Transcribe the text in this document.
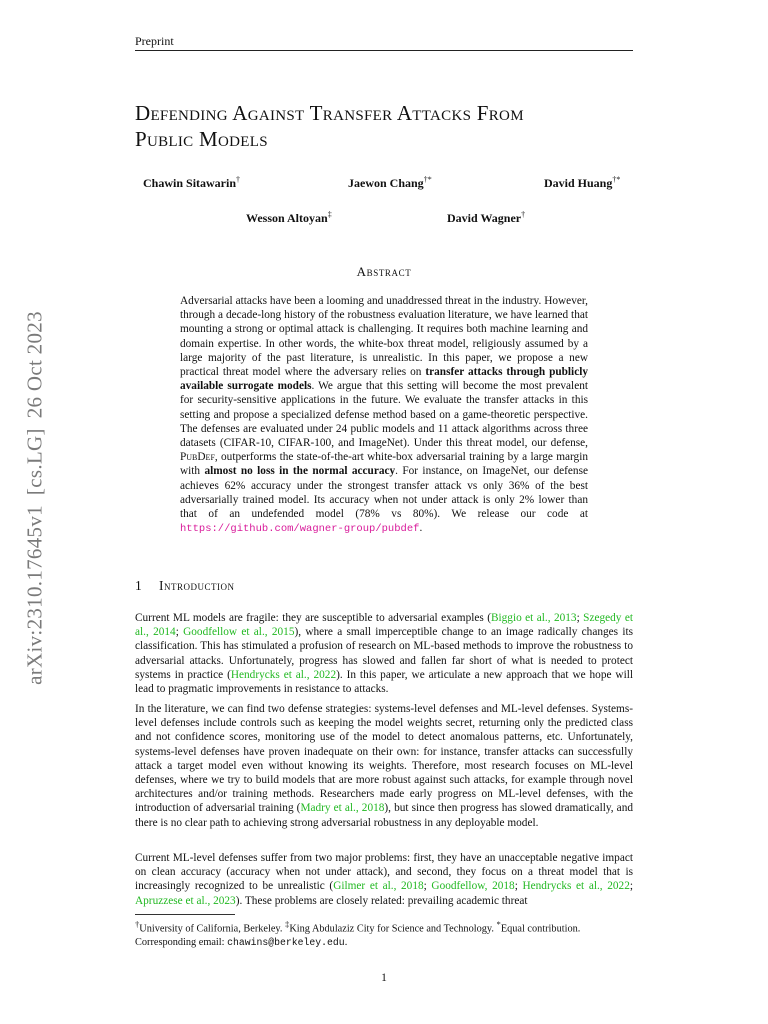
Preprint
arXiv:2310.17645v1[cs.LG]26 Oct 2023
Defending Against Transfer Attacks From
Public Models
Chawin Sitawarin†	Jaewon Chang†*	David Huang†*
Wesson Altoyan‡	David Wagner†
Abstract
Adversarial attacks have been a looming and unaddressed threat in the industry. However, through a decade-long history of the robustness evaluation literature, we have learned that mounting a strong or optimal attack is challenging. It requires both machine learning and domain expertise. In other words, the white-box threat model, religiously assumed by a large majority of the past literature, is unrealistic. In this paper, we propose a new practical threat model where the adversary relies on transfer attacks through publicly available surrogate models. We argue that this setting will become the most prevalent for security-sensitive applications in the future. We evaluate the transfer attacks in this setting and propose a specialized defense method based on a game-theoretic perspective. The defenses are evaluated under 24 public models and 11 attack algorithms across three datasets (CIFAR-10, CIFAR-100, and ImageNet). Under this threat model, our defense, PubDef, outperforms the state-of-the-art white-box adversarial training by a large margin with almost no loss in the normal accuracy. For instance, on ImageNet, our defense achieves 62% accuracy under the strongest transfer attack vs only 36% of the best adversarially trained model. Its accuracy when not under attack is only 2% lower than that of an undefended model (78% vs 80%). We release our code at https://github.com/wagner-group/pubdef.
1 Introduction
Current ML models are fragile: they are susceptible to adversarial examples (Biggio et al., 2013; Szegedy et al., 2014; Goodfellow et al., 2015), where a small imperceptible change to an image radically changes its classification. This has stimulated a profusion of research on ML-based methods to improve the robustness to adversarial attacks. Unfortunately, progress has slowed and fallen far short of what is needed to protect systems in practice (Hendrycks et al., 2022). In this paper, we articulate a new approach that we hope will lead to pragmatic improvements in resistance to attacks.
In the literature, we can find two defense strategies: systems-level defenses and ML-level defenses. Systems-level defenses include controls such as keeping the model weights secret, returning only the predicted class and not confidence scores, monitoring use of the model to detect anomalous patterns, etc. Unfortunately, systems-level defenses have proven inadequate on their own: for instance, transfer attacks can successfully attack a target model even without knowing its weights. Therefore, most research focuses on ML-level defenses, where we try to build models that are more robust against such attacks, for example through novel architectures and/or training methods. Researchers made early progress on ML-level defenses, with the introduction of adversarial training (Madry et al., 2018), but since then progress has slowed dramatically, and there is no clear path to achieving strong adversarial robustness in any deployable model.
Current ML-level defenses suffer from two major problems: first, they have an unacceptable negative impact on clean accuracy (accuracy when not under attack), and second, they focus on a threat model that is increasingly recognized to be unrealistic (Gilmer et al., 2018; Goodfellow, 2018; Hendrycks et al., 2022; Apruzzese et al., 2023). These problems are closely related: prevailing academic threat
†University of California, Berkeley. ‡King Abdulaziz City for Science and Technology. *Equal contribution.
Corresponding email: chawins@berkeley.edu.
1
